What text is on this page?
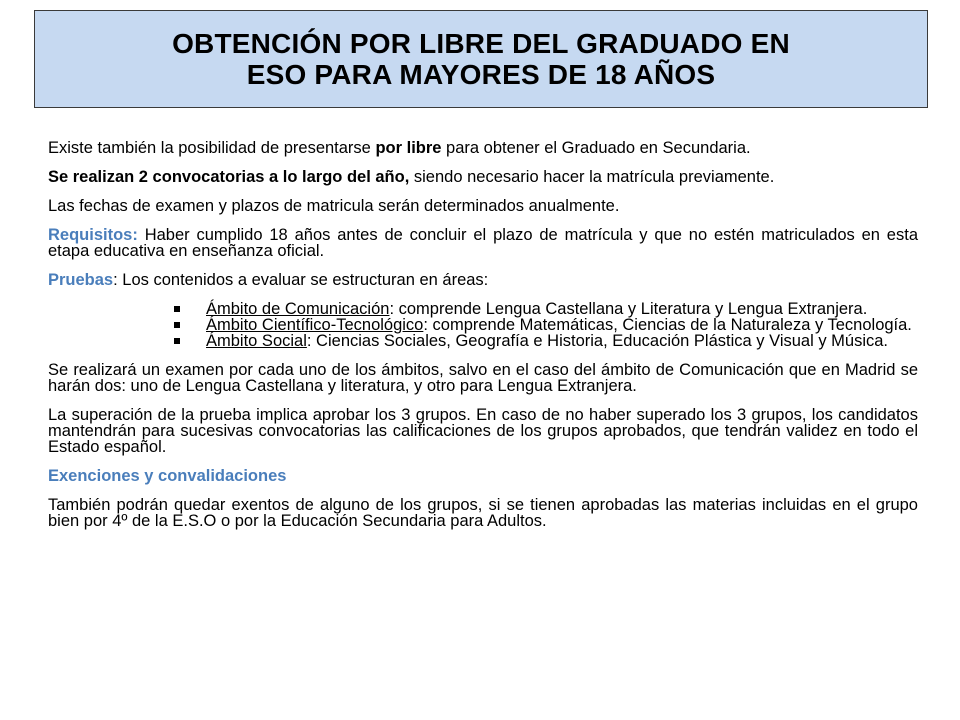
OBTENCIÓN POR LIBRE DEL GRADUADO EN
ESO PARA MAYORES DE 18 AÑOS

Existe también la posibilidad de presentarse por libre para obtener el Graduado en Secundaria.

Se realizan 2 convocatorias a lo largo del año, siendo necesario hacer la matrícula previamente.

Las fechas de examen y plazos de matricula serán determinados anualmente.

Requisitos: Haber cumplido 18 años antes de concluir el plazo de matrícula y que no estén matriculados en esta etapa educativa en enseñanza oficial.

Pruebas: Los contenidos a evaluar se estructuran en áreas:

Ámbito de Comunicación: comprende Lengua Castellana y Literatura y Lengua Extranjera.
Ámbito Científico-Tecnológico: comprende Matemáticas, Ciencias de la Naturaleza y Tecnología.
Ámbito Social: Ciencias Sociales, Geografía e Historia, Educación Plástica y Visual y Música.

Se realizará un examen por cada uno de los ámbitos, salvo en el caso del ámbito de Comunicación que en Madrid se harán dos: uno de Lengua Castellana y literatura, y otro para Lengua Extranjera.

La superación de la prueba implica aprobar los 3 grupos. En caso de no haber superado los 3 grupos, los candidatos mantendrán para sucesivas convocatorias las calificaciones de los grupos aprobados, que tendrán validez en todo el Estado español.

Exenciones y convalidaciones

También podrán quedar exentos de alguno de los grupos, si se tienen aprobadas las materias incluidas en el grupo bien por 4º de la E.S.O o por la Educación Secundaria para Adultos.
